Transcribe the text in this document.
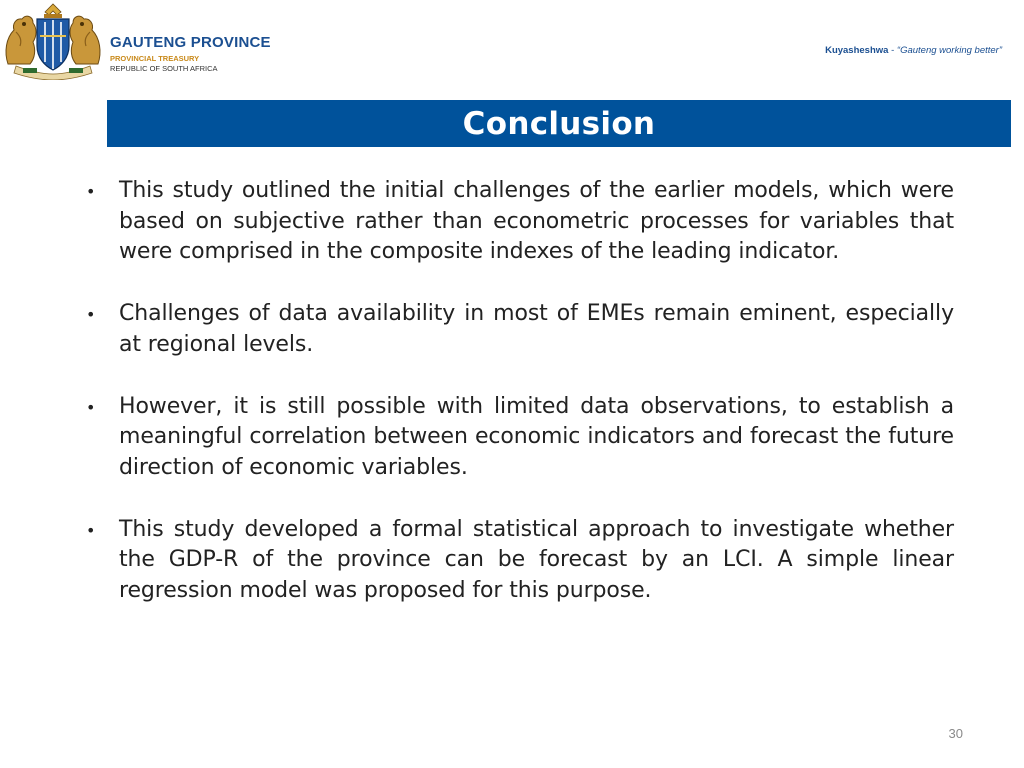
GAUTENG PROVINCE
PROVINCIAL TREASURY
REPUBLIC OF SOUTH AFRICA
Kuyasheshwa - “Gauteng working better”
Conclusion
• This study outlined the initial challenges of the earlier models, which were based on subjective rather than econometric processes for variables that were comprised in the composite indexes of the leading indicator.
• Challenges of data availability in most of EMEs remain eminent, especially at regional levels.
• However, it is still possible with limited data observations, to establish a meaningful correlation between economic indicators and forecast the future direction of economic variables.
• This study developed a formal statistical approach to investigate whether the GDP-R of the province can be forecast by an LCI. A simple linear regression model was proposed for this purpose.
30
